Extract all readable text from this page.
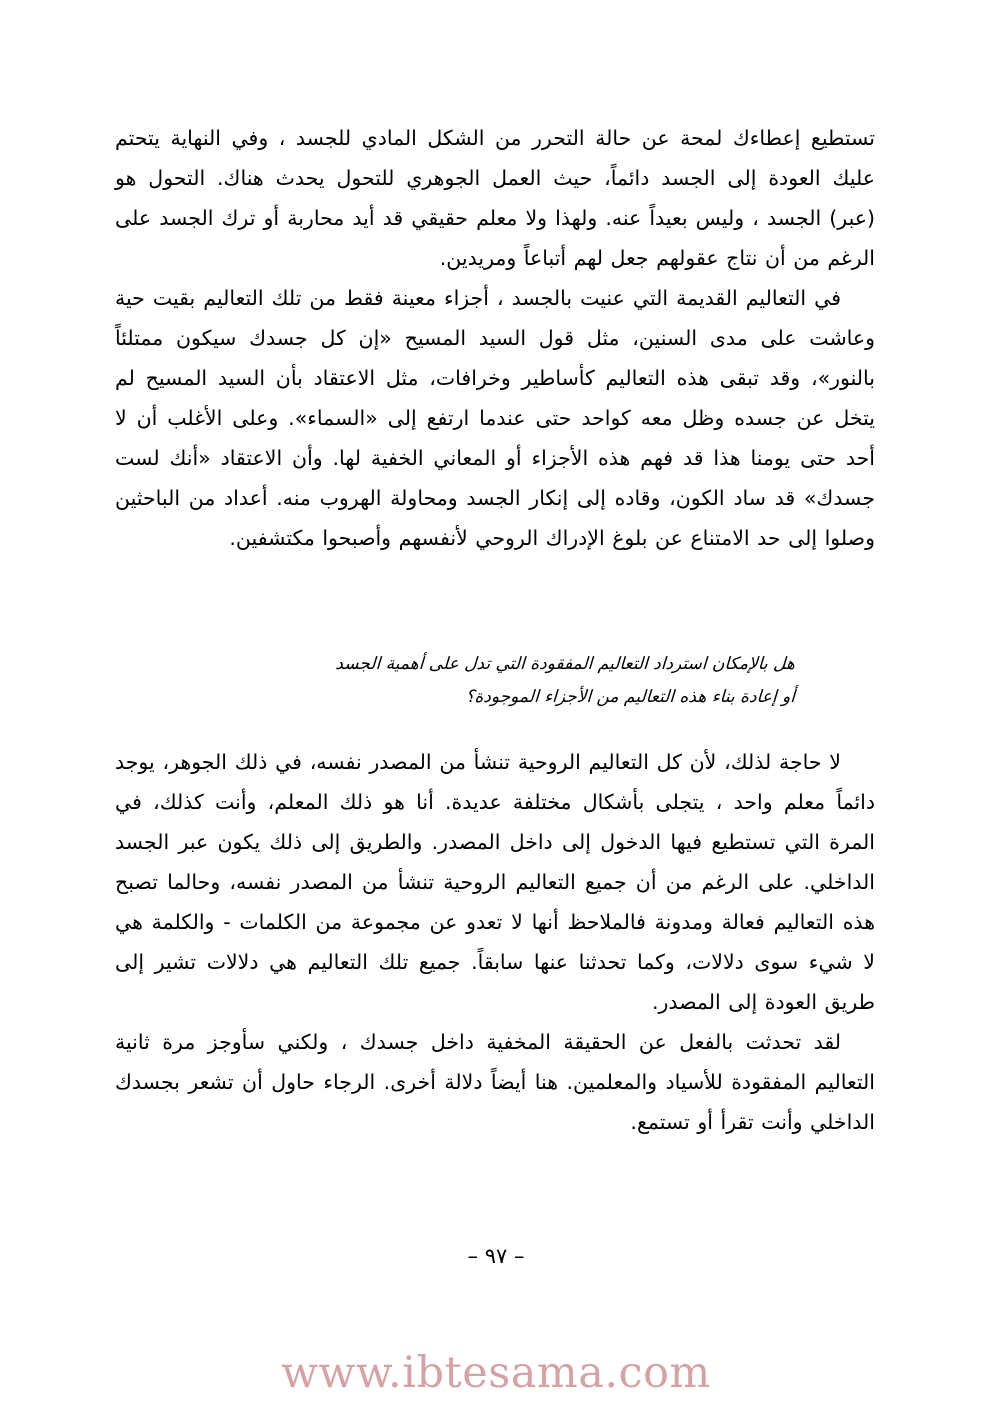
تستطيع إعطاءك لمحة عن حالة التحرر من الشكل المادي للجسد ، وفي النهاية يتحتم عليك العودة إلى الجسد دائماً، حيث العمل الجوهري للتحول يحدث هناك. التحول هو (عبر) الجسد ، وليس بعيداً عنه. ولهذا ولا معلم حقيقي قد أيد محاربة أو ترك الجسد على الرغم من أن نتاج عقولهم جعل لهم أتباعاً ومريدين.

في التعاليم القديمة التي عنيت بالجسد ، أجزاء معينة فقط من تلك التعاليم بقيت حية وعاشت على مدى السنين، مثل قول السيد المسيح «إن كل جسدك سيكون ممتلئاً بالنور»، وقد تبقى هذه التعاليم كأساطير وخرافات، مثل الاعتقاد بأن السيد المسيح لم يتخل عن جسده وظل معه كواحد حتى عندما ارتفع إلى «السماء». وعلى الأغلب أن لا أحد حتى يومنا هذا قد فهم هذه الأجزاء أو المعاني الخفية لها. وأن الاعتقاد «أنك لست جسدك» قد ساد الكون، وقاده إلى إنكار الجسد ومحاولة الهروب منه. أعداد من الباحثين وصلوا إلى حد الامتناع عن بلوغ الإدراك الروحي لأنفسهم وأصبحوا مكتشفين.

هل بالإمكان استرداد التعاليم المفقودة التي تدل على أهمية الجسد
أو إعادة بناء هذه التعاليم من الأجزاء الموجودة؟

لا حاجة لذلك، لأن كل التعاليم الروحية تنشأ من المصدر نفسه، في ذلك الجوهر، يوجد دائماً معلم واحد ، يتجلى بأشكال مختلفة عديدة. أنا هو ذلك المعلم، وأنت كذلك، في المرة التي تستطيع فيها الدخول إلى داخل المصدر. والطريق إلى ذلك يكون عبر الجسد الداخلي. على الرغم من أن جميع التعاليم الروحية تنشأ من المصدر نفسه، وحالما تصبح هذه التعاليم فعالة ومدونة فالملاحظ أنها لا تعدو عن مجموعة من الكلمات - والكلمة هي لا شيء سوى دلالات، وكما تحدثنا عنها سابقاً. جميع تلك التعاليم هي دلالات تشير إلى طريق العودة إلى المصدر.

لقد تحدثت بالفعل عن الحقيقة المخفية داخل جسدك ، ولكني سأوجز مرة ثانية التعاليم المفقودة للأسياد والمعلمين. هنا أيضاً دلالة أخرى. الرجاء حاول أن تشعر بجسدك الداخلي وأنت تقرأ أو تستمع.

– ٩٧ –
www.ibtesama.com
